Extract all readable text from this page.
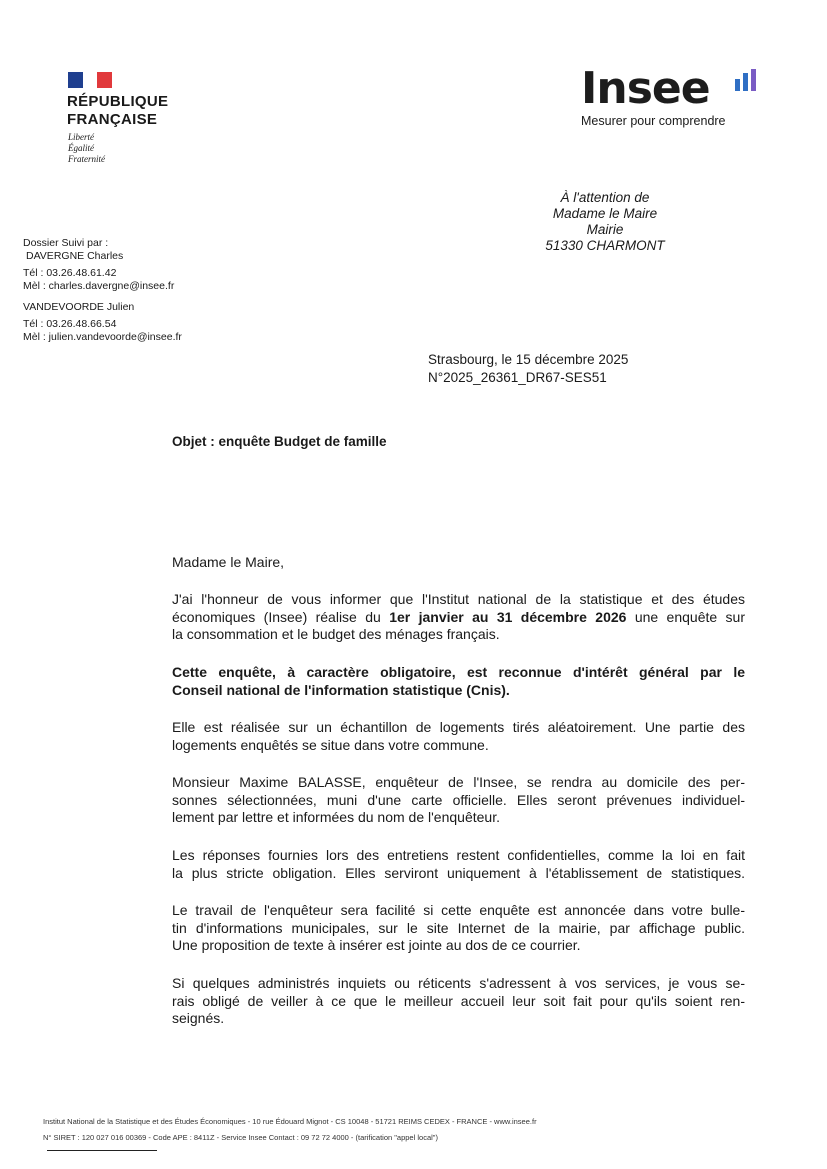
RÉPUBLIQUE
FRANÇAISE
Liberté
Égalité
Fraternité
Insee
Mesurer pour comprendre
À l'attention de
Madame le Maire
Mairie
51330 CHARMONT
Dossier Suivi par :
DAVERGNE Charles
Tél : 03.26.48.61.42
Mèl : charles.davergne@insee.fr
VANDEVOORDE Julien
Tél : 03.26.48.66.54
Mèl : julien.vandevoorde@insee.fr
Strasbourg, le 15 décembre 2025
N°2025_26361_DR67-SES51
Objet : enquête Budget de famille
Madame le Maire,
J'ai l'honneur de vous informer que l'Institut national de la statistique et des études
économiques (Insee) réalise du 1er janvier au 31 décembre 2026 une enquête sur
la consommation et le budget des ménages français.
Cette enquête, à caractère obligatoire, est reconnue d'intérêt général par le
Conseil national de l'information statistique (Cnis).
Elle est réalisée sur un échantillon de logements tirés aléatoirement. Une partie des
logements enquêtés se situe dans votre commune.
Monsieur Maxime BALASSE, enquêteur de l'Insee, se rendra au domicile des per-
sonnes sélectionnées, muni d'une carte officielle. Elles seront prévenues individuel-
lement par lettre et informées du nom de l'enquêteur.
Les réponses fournies lors des entretiens restent confidentielles, comme la loi en fait
la plus stricte obligation. Elles serviront uniquement à l'établissement de statistiques.
Le travail de l'enquêteur sera facilité si cette enquête est annoncée dans votre bulle-
tin d'informations municipales, sur le site Internet de la mairie, par affichage public.
Une proposition de texte à insérer est jointe au dos de ce courrier.
Si quelques administrés inquiets ou réticents s'adressent à vos services, je vous se-
rais obligé de veiller à ce que le meilleur accueil leur soit fait pour qu'ils soient ren-
seignés.
Institut National de la Statistique et des Études Économiques - 10 rue Édouard Mignot - CS 10048 - 51721 REIMS CEDEX - FRANCE - www.insee.fr
N° SIRET : 120 027 016 00369 - Code APE : 8411Z - Service Insee Contact : 09 72 72 4000 - (tarification "appel local")
